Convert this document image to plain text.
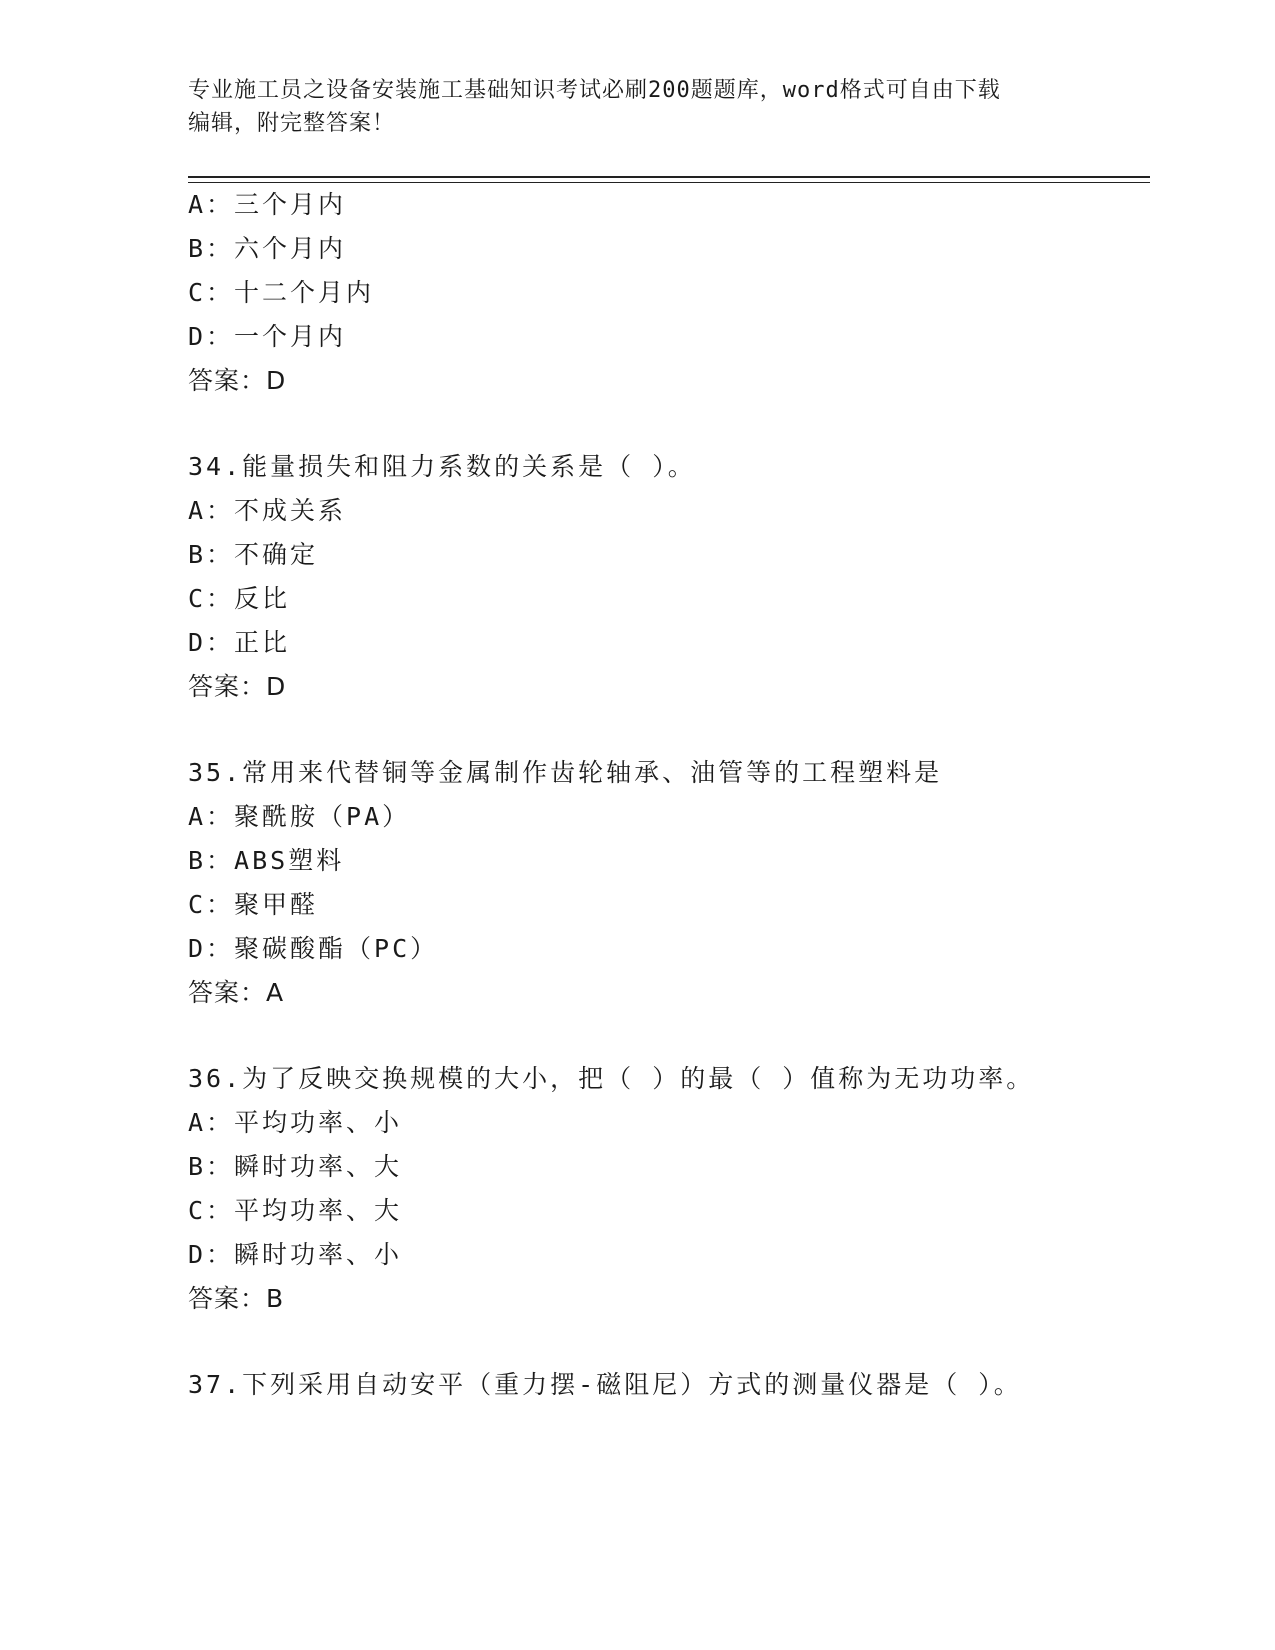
专业施工员之设备安装施工基础知识考试必刷200题题库，word格式可自由下载
编辑，附完整答案！
A：三个月内
B：六个月内
C：十二个月内
D：一个月内
答案：D
34.能量损失和阻力系数的关系是（ ）。
A：不成关系
B：不确定
C：反比
D：正比
答案：D
35.常用来代替铜等金属制作齿轮轴承、油管等的工程塑料是
A：聚酰胺（PA）
B：ABS塑料
C：聚甲醛
D：聚碳酸酯（PC）
答案：A
36.为了反映交换规模的大小，把（ ）的最（ ）值称为无功功率。
A：平均功率、小
B：瞬时功率、大
C：平均功率、大
D：瞬时功率、小
答案：B
37.下列采用自动安平（重力摆-磁阻尼）方式的测量仪器是（ ）。
